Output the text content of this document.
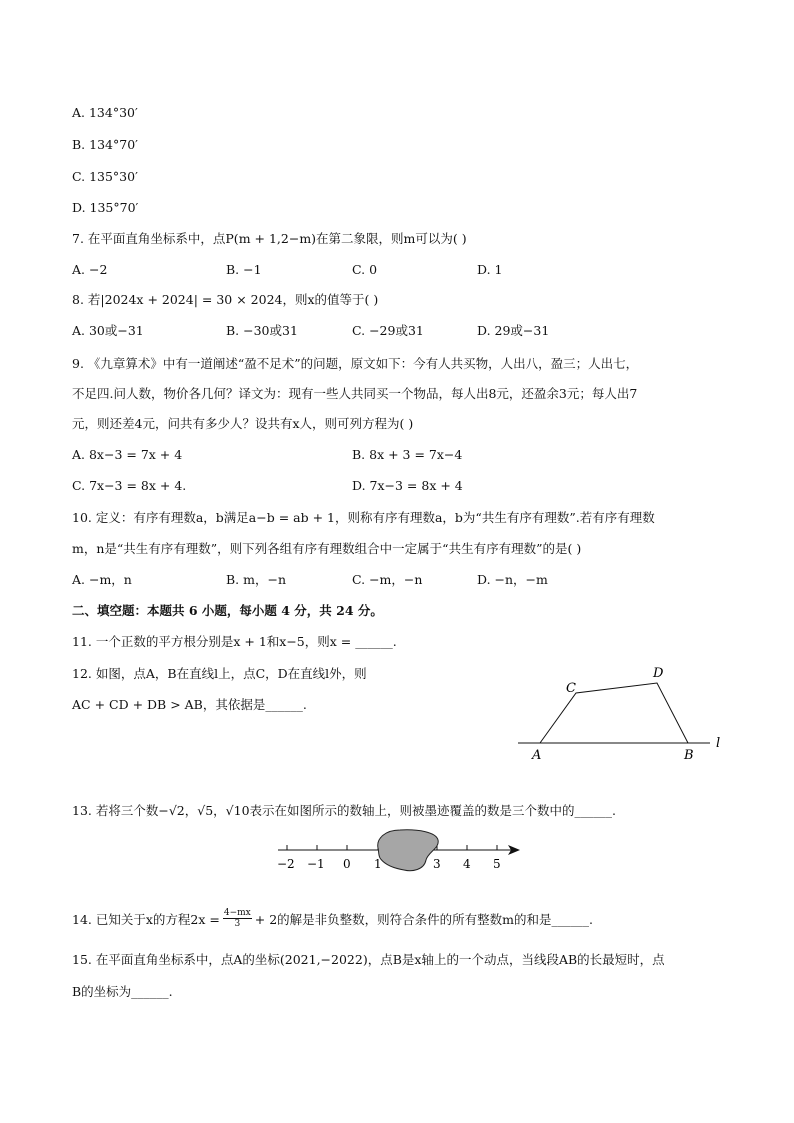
A. 134°30′
B. 134°70′
C. 135°30′
D. 135°70′
7. 在平面直角坐标系中，点P(m + 1,2−m)在第二象限，则m可以为( )
A. −2	B. −1	C. 0	D. 1
8. 若|2024x + 2024| = 30 × 2024，则x的值等于( )
A. 30或−31	B. −30或31	C. −29或31	D. 29或−31
9. 《九章算术》中有一道阐述“盈不足术”的问题，原文如下：今有人共买物，人出八，盈三；人出七，
不足四.问人数，物价各几何？译文为：现有一些人共同买一个物品，每人出8元，还盈余3元；每人出7
元，则还差4元，问共有多少人？设共有x人，则可列方程为( )
A. 8x−3 = 7x + 4	B. 8x + 3 = 7x−4
C. 7x−3 = 8x + 4.	D. 7x−3 = 8x + 4
10. 定义：有序有理数a，b满足a−b = ab + 1，则称有序有理数a，b为“共生有序有理数”.若有序有理数
m，n是“共生有序有理数”，则下列各组有序有理数组合中一定属于“共生有序有理数”的是( )
A. −m，n	B. m，−n	C. −m，−n	D. −n，−m
二、填空题：本题共 6 小题，每小题 4 分，共 24 分。
11. 一个正数的平方根分别是x + 1和x−5，则x = ______.
12. 如图，点A，B在直线l上，点C，D在直线l外，则
AC + CD + DB > AB，其依据是______.
A	B
C
D
l
13. 若将三个数−√2，√5，√10表示在如图所示的数轴上，则被墨迹覆盖的数是三个数中的______.
−2 −1 0 1	3 4 5
14. 已知关于x的方程$2x = \frac{4-mx}{3} + 2$的解是非负整数，则符合条件的所有整数m的和是______.
15. 在平面直角坐标系中，点A的坐标(2021,−2022)，点B是x轴上的一个动点，当线段AB的长最短时，点
B的坐标为______.
